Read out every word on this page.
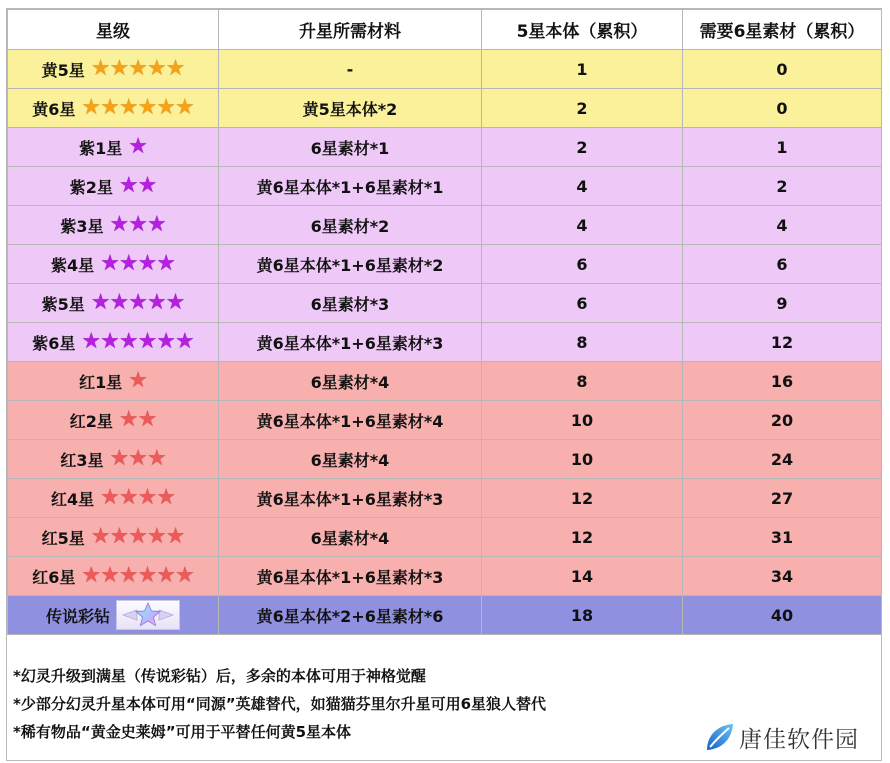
星级	升星所需材料	5星本体（累积）	需要6星素材（累积）
黄5星 ★★★★★	-	1	0
黄6星 ★★★★★★	黄5星本体*2	2	0
紫1星 ★	6星素材*1	2	1
紫2星 ★★	黄6星本体*1+6星素材*1	4	2
紫3星 ★★★	6星素材*2	4	4
紫4星 ★★★★	黄6星本体*1+6星素材*2	6	6
紫5星 ★★★★★	6星素材*3	6	9
紫6星 ★★★★★★	黄6星本体*1+6星素材*3	8	12
红1星 ★	6星素材*4	8	16
红2星 ★★	黄6星本体*1+6星素材*4	10	20
红3星 ★★★	6星素材*4	10	24
红4星 ★★★★	黄6星本体*1+6星素材*3	12	27
红5星 ★★★★★	6星素材*4	12	31
红6星 ★★★★★★	黄6星本体*1+6星素材*3	14	34
传说彩钻	黄6星本体*2+6星素材*6	18	40
*幻灵升级到满星（传说彩钻）后，多余的本体可用于神格觉醒
*少部分幻灵升星本体可用“同源”英雄替代，如猫猫芬里尔升星可用6星狼人替代
*稀有物品“黄金史莱姆”可用于平替任何黄5星本体	唐佳软件园
